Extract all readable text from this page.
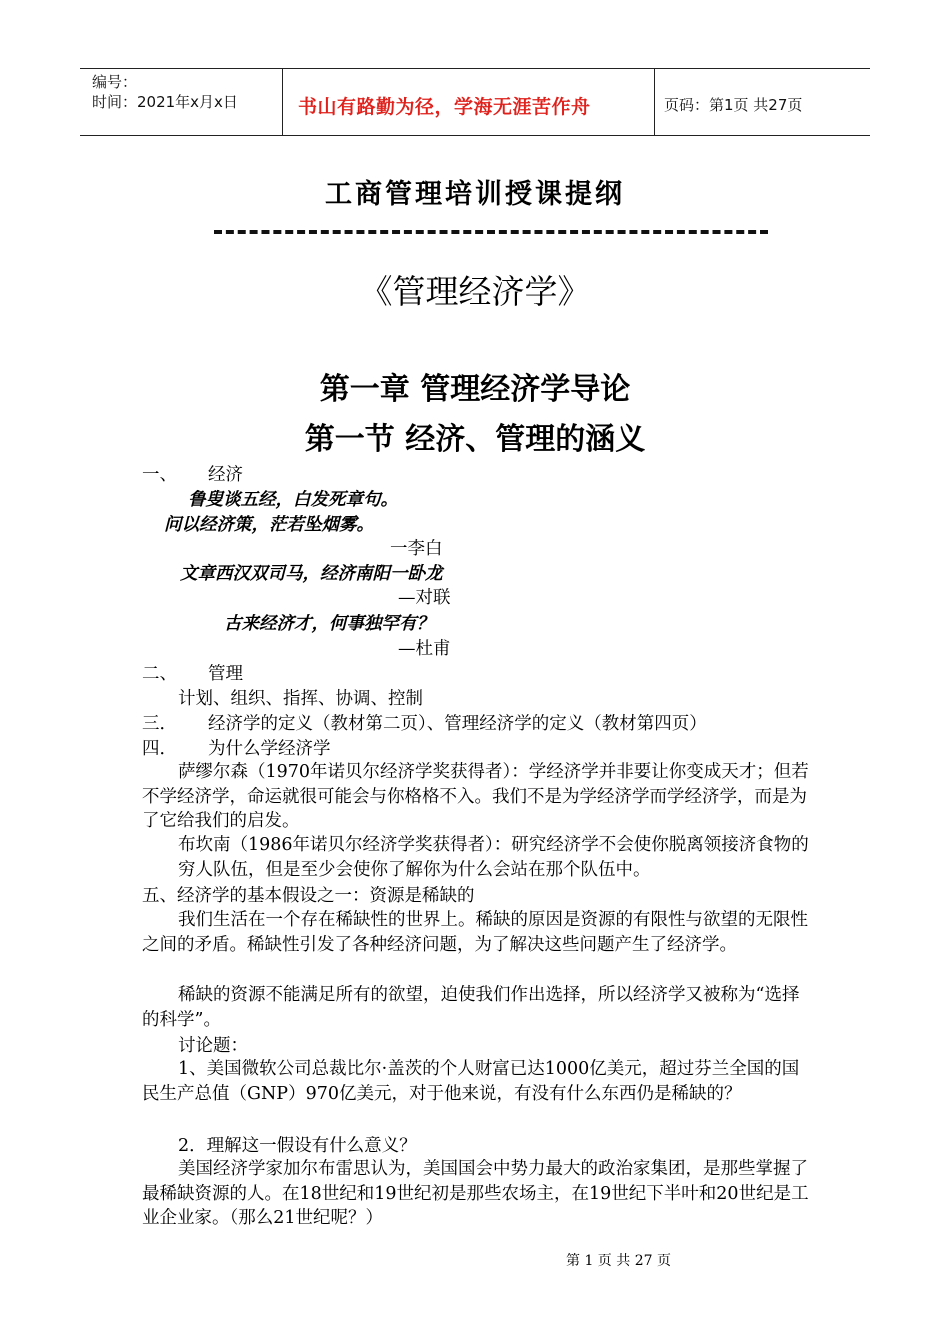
编号：
时间：2021年x月x日	书山有路勤为径，学海无涯苦作舟	页码：第1页 共27页
工商管理培训授课提纲
《管理经济学》
第一章 管理经济学导论
第一节 经济、管理的涵义
一、 经济
鲁叟谈五经，白发死章句。
问以经济策，茫若坠烟雾。
一李白
文章西汉双司马，经济南阳一卧龙
—对联
古来经济才，何事独罕有？
—杜甫
二、 管理
计划、组织、指挥、协调、控制
三． 经济学的定义（教材第二页）、管理经济学的定义（教材第四页）
四． 为什么学经济学
萨缪尔森（1970年诺贝尔经济学奖获得者）：学经济学并非要让你变成天才；但若不学经济学，命运就很可能会与你格格不入。我们不是为学经济学而学经济学，而是为了它给我们的启发。
布坎南（1986年诺贝尔经济学奖获得者）：研究经济学不会使你脱离领接济食物的穷人队伍，但是至少会使你了解你为什么会站在那个队伍中。
五、经济学的基本假设之一：资源是稀缺的
我们生活在一个存在稀缺性的世界上。稀缺的原因是资源的有限性与欲望的无限性之间的矛盾。稀缺性引发了各种经济问题，为了解决这些问题产生了经济学。
稀缺的资源不能满足所有的欲望，迫使我们作出选择，所以经济学又被称为“选择的科学”。
讨论题：
1、美国微软公司总裁比尔·盖茨的个人财富已达1000亿美元，超过芬兰全国的国民生产总值（GNP）970亿美元，对于他来说，有没有什么东西仍是稀缺的？
2．理解这一假设有什么意义？
美国经济学家加尔布雷思认为，美国国会中势力最大的政治家集团，是那些掌握了最稀缺资源的人。在18世纪和19世纪初是那些农场主，在19世纪下半叶和20世纪是工业企业家。（那么21世纪呢？）
第 1 页 共 27 页
